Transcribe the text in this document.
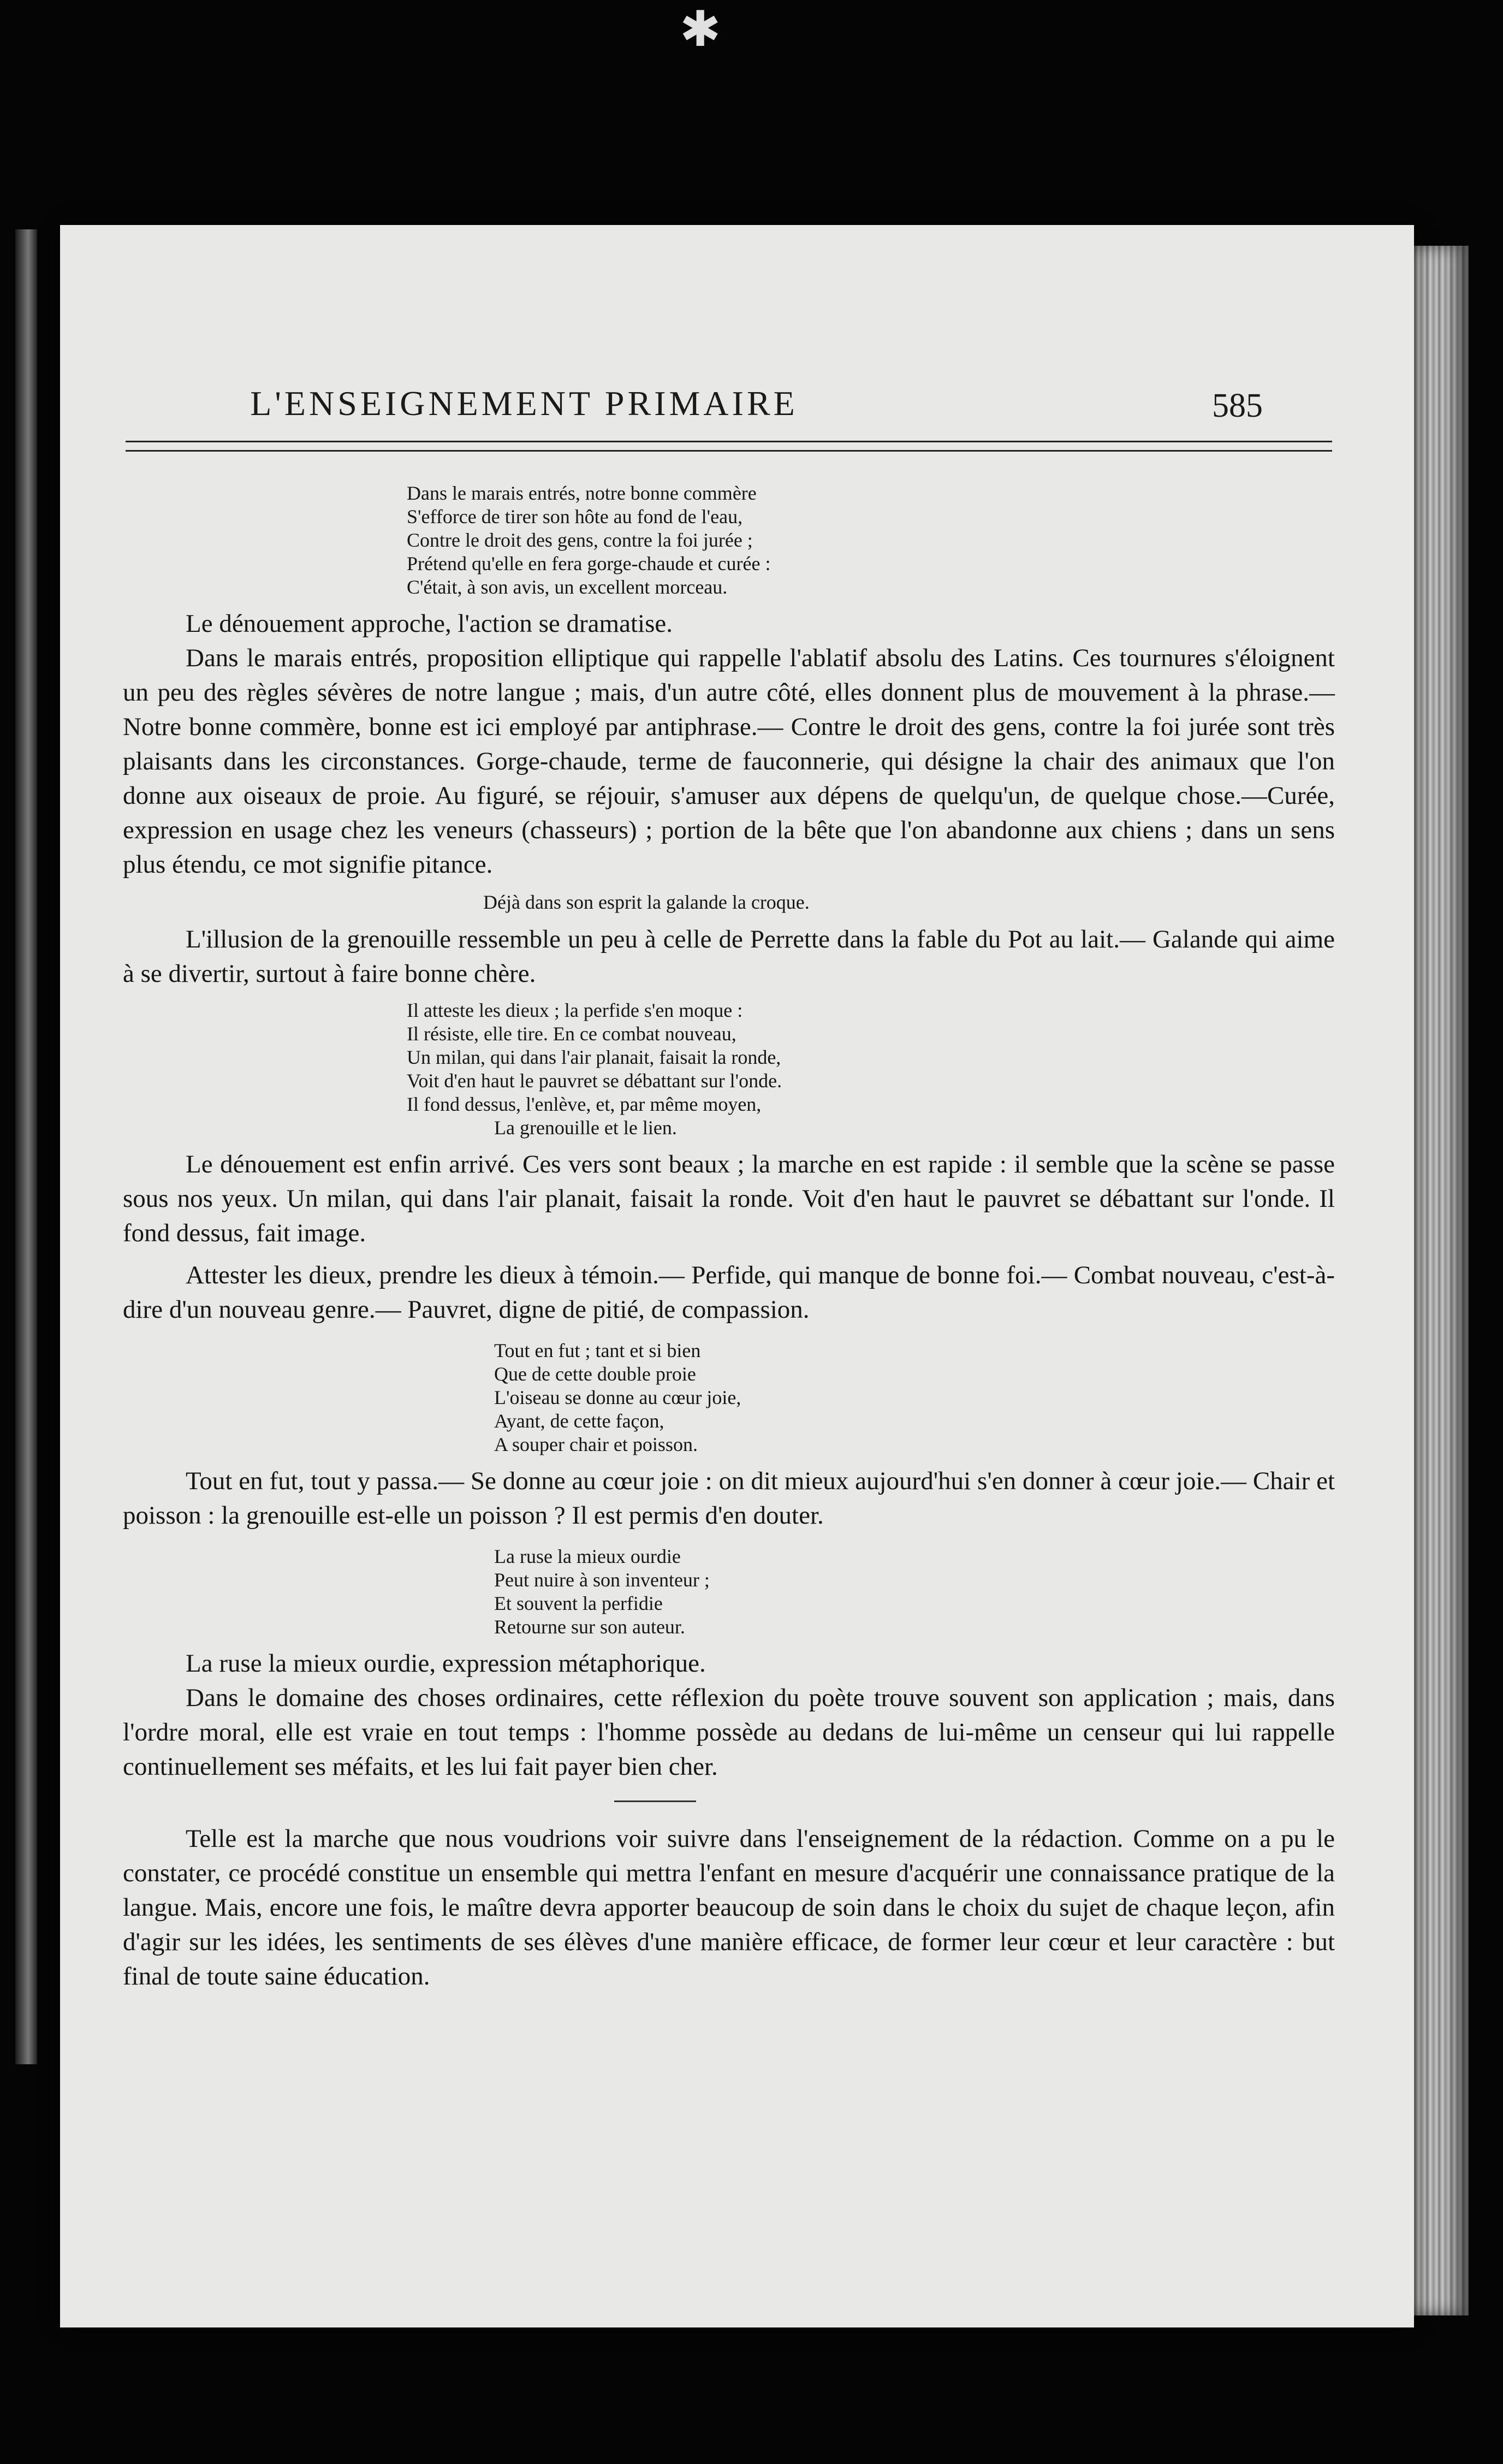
✱
L'ENSEIGNEMENT PRIMAIRE	585
Dans le marais entrés, notre bonne commère
S'efforce de tirer son hôte au fond de l'eau,
Contre le droit des gens, contre la foi jurée ;
Prétend qu'elle en fera gorge-chaude et curée :
C'était, à son avis, un excellent morceau.

Le dénouement approche, l'action se dramatise.

Dans le marais entrés, proposition elliptique qui rappelle l'ablatif absolu des Latins. Ces tournures s'éloignent un peu des règles sévères de notre langue ; mais, d'un autre côté, elles donnent plus de mouvement à la phrase.—Notre bonne commère, bonne est ici employé par antiphrase.— Contre le droit des gens, contre la foi jurée sont très plaisants dans les circonstances. Gorge-chaude, terme de fauconnerie, qui désigne la chair des animaux que l'on donne aux oiseaux de proie. Au figuré, se réjouir, s'amuser aux dépens de quelqu'un, de quelque chose.—Curée, expression en usage chez les veneurs (chasseurs) ; portion de la bête que l'on abandonne aux chiens ; dans un sens plus étendu, ce mot signifie pitance.

Déjà dans son esprit la galande la croque.

L'illusion de la grenouille ressemble un peu à celle de Perrette dans la fable du Pot au lait.— Galande qui aime à se divertir, surtout à faire bonne chère.

Il atteste les dieux ; la perfide s'en moque :
Il résiste, elle tire. En ce combat nouveau,
Un milan, qui dans l'air planait, faisait la ronde,
Voit d'en haut le pauvret se débattant sur l'onde.
Il fond dessus, l'enlève, et, par même moyen,
La grenouille et le lien.

Le dénouement est enfin arrivé. Ces vers sont beaux ; la marche en est rapide : il semble que la scène se passe sous nos yeux. Un milan, qui dans l'air planait, faisait la ronde. Voit d'en haut le pauvret se débattant sur l'onde. Il fond dessus, fait image.

Attester les dieux, prendre les dieux à témoin.— Perfide, qui manque de bonne foi.— Combat nouveau, c'est-à-dire d'un nouveau genre.— Pauvret, digne de pitié, de compassion.

Tout en fut ; tant et si bien
Que de cette double proie
L'oiseau se donne au cœur joie,
Ayant, de cette façon,
A souper chair et poisson.

Tout en fut, tout y passa.— Se donne au cœur joie : on dit mieux aujourd'hui s'en donner à cœur joie.— Chair et poisson : la grenouille est-elle un poisson ? Il est permis d'en douter.

La ruse la mieux ourdie
Peut nuire à son inventeur ;
Et souvent la perfidie
Retourne sur son auteur.

La ruse la mieux ourdie, expression métaphorique.

Dans le domaine des choses ordinaires, cette réflexion du poète trouve souvent son application ; mais, dans l'ordre moral, elle est vraie en tout temps : l'homme possède au dedans de lui-même un censeur qui lui rappelle continuellement ses méfaits, et les lui fait payer bien cher.

Telle est la marche que nous voudrions voir suivre dans l'enseignement de la rédaction. Comme on a pu le constater, ce procédé constitue un ensemble qui mettra l'enfant en mesure d'acquérir une connaissance pratique de la langue. Mais, encore une fois, le maître devra apporter beaucoup de soin dans le choix du sujet de chaque leçon, afin d'agir sur les idées, les sentiments de ses élèves d'une manière efficace, de former leur cœur et leur caractère : but final de toute saine éducation.
